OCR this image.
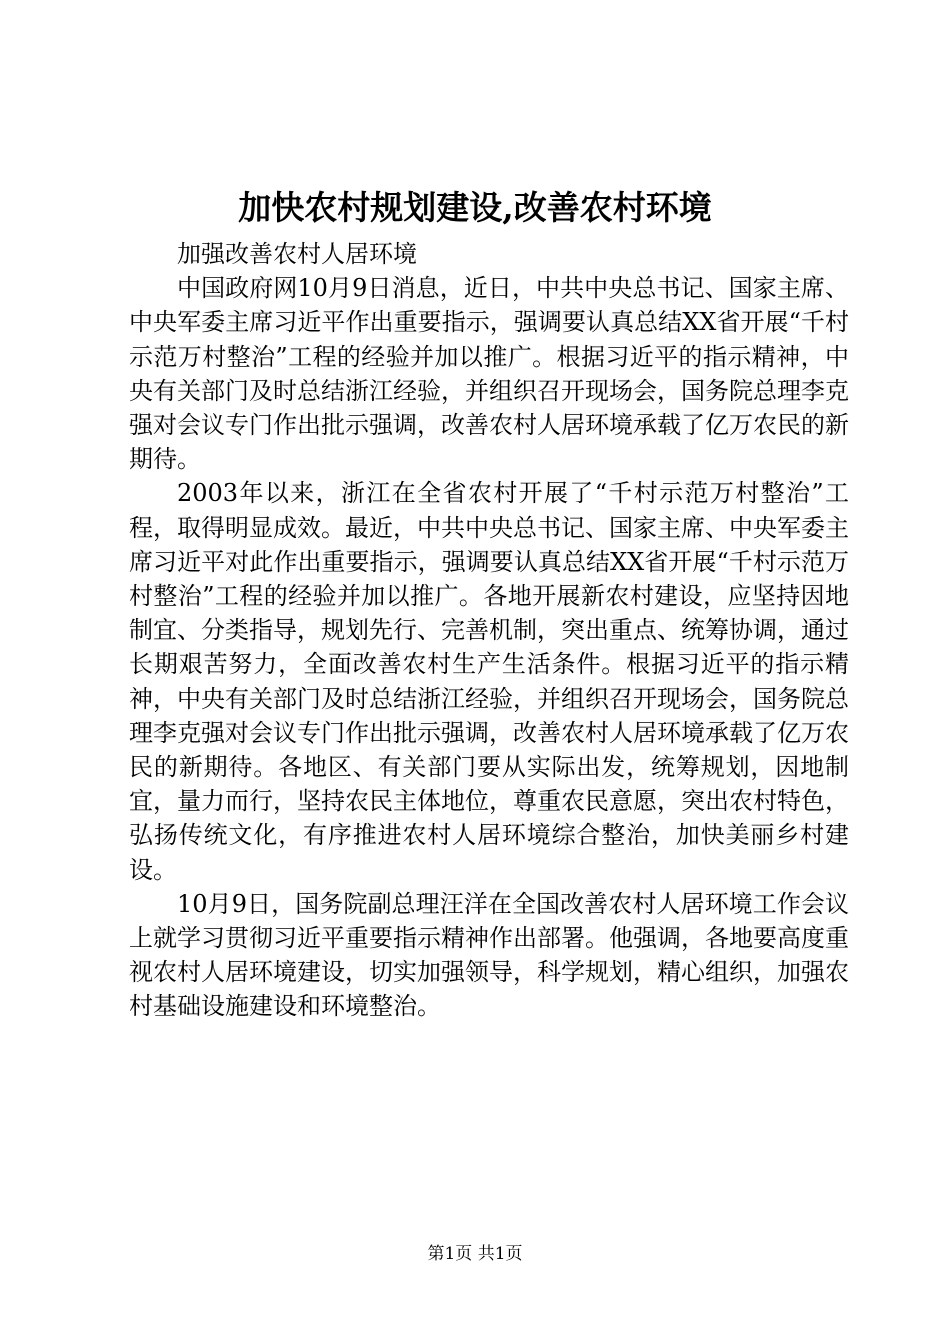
加快农村规划建设,改善农村环境

加强改善农村人居环境

中国政府网10月9日消息，近日，中共中央总书记、国家主席、中央军委主席习近平作出重要指示，强调要认真总结XX省开展“千村示范万村整治”工程的经验并加以推广。根据习近平的指示精神，中央有关部门及时总结浙江经验，并组织召开现场会，国务院总理李克强对会议专门作出批示强调，改善农村人居环境承载了亿万农民的新期待。

2003年以来，浙江在全省农村开展了“千村示范万村整治”工程，取得明显成效。最近，中共中央总书记、国家主席、中央军委主席习近平对此作出重要指示，强调要认真总结XX省开展“千村示范万村整治”工程的经验并加以推广。各地开展新农村建设，应坚持因地制宜、分类指导，规划先行、完善机制，突出重点、统筹协调，通过长期艰苦努力，全面改善农村生产生活条件。根据习近平的指示精神，中央有关部门及时总结浙江经验，并组织召开现场会，国务院总理李克强对会议专门作出批示强调，改善农村人居环境承载了亿万农民的新期待。各地区、有关部门要从实际出发，统筹规划，因地制宜，量力而行，坚持农民主体地位，尊重农民意愿，突出农村特色，弘扬传统文化，有序推进农村人居环境综合整治，加快美丽乡村建设。

10月9日，国务院副总理汪洋在全国改善农村人居环境工作会议上就学习贯彻习近平重要指示精神作出部署。他强调，各地要高度重视农村人居环境建设，切实加强领导，科学规划，精心组织，加强农村基础设施建设和环境整治。

第1页 共1页
